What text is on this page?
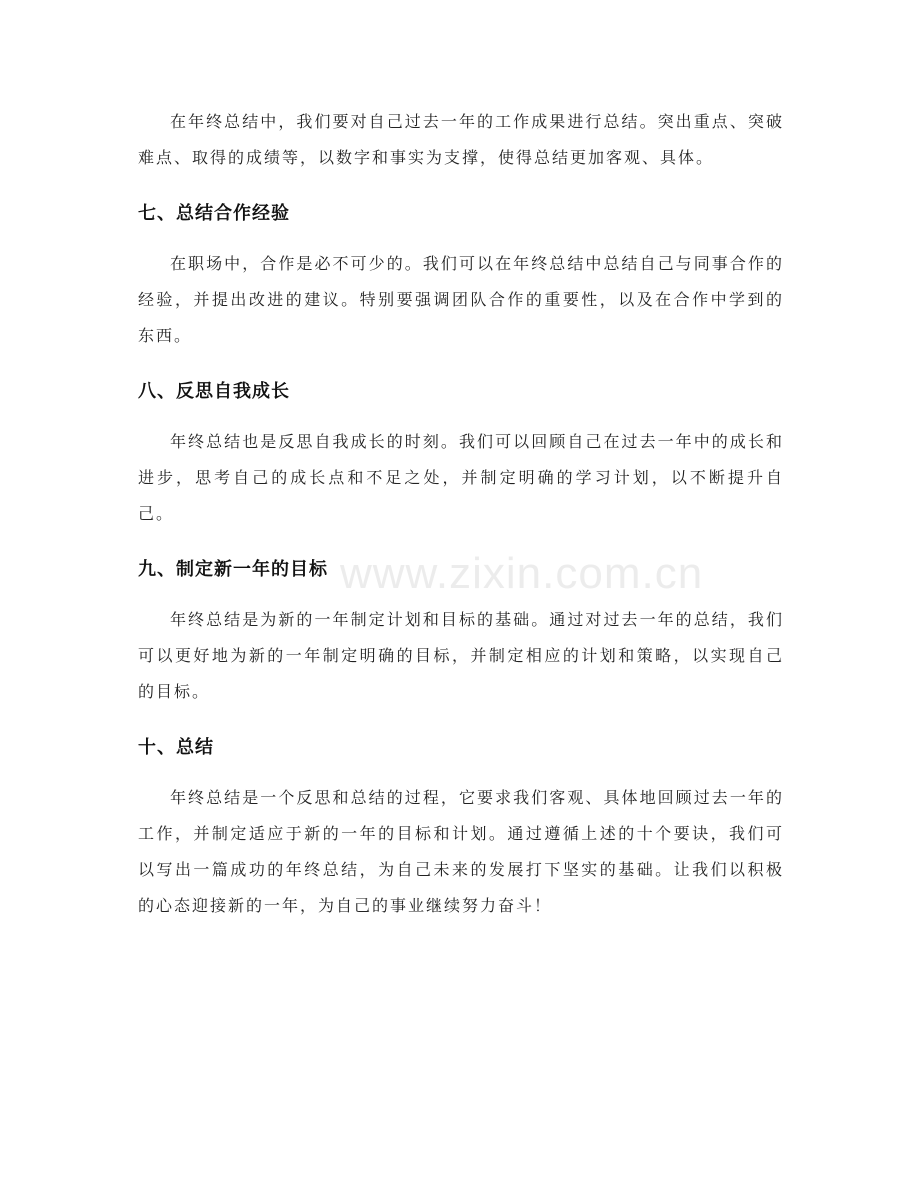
在年终总结中，我们要对自己过去一年的工作成果进行总结。突出重点、突破难点、取得的成绩等，以数字和事实为支撑，使得总结更加客观、具体。

七、总结合作经验

在职场中，合作是必不可少的。我们可以在年终总结中总结自己与同事合作的经验，并提出改进的建议。特别要强调团队合作的重要性，以及在合作中学到的东西。

八、反思自我成长

年终总结也是反思自我成长的时刻。我们可以回顾自己在过去一年中的成长和进步，思考自己的成长点和不足之处，并制定明确的学习计划，以不断提升自己。

九、制定新一年的目标

年终总结是为新的一年制定计划和目标的基础。通过对过去一年的总结，我们可以更好地为新的一年制定明确的目标，并制定相应的计划和策略，以实现自己的目标。

十、总结

年终总结是一个反思和总结的过程，它要求我们客观、具体地回顾过去一年的工作，并制定适应于新的一年的目标和计划。通过遵循上述的十个要诀，我们可以写出一篇成功的年终总结，为自己未来的发展打下坚实的基础。让我们以积极的心态迎接新的一年，为自己的事业继续努力奋斗！

www.zixin.com.cn
